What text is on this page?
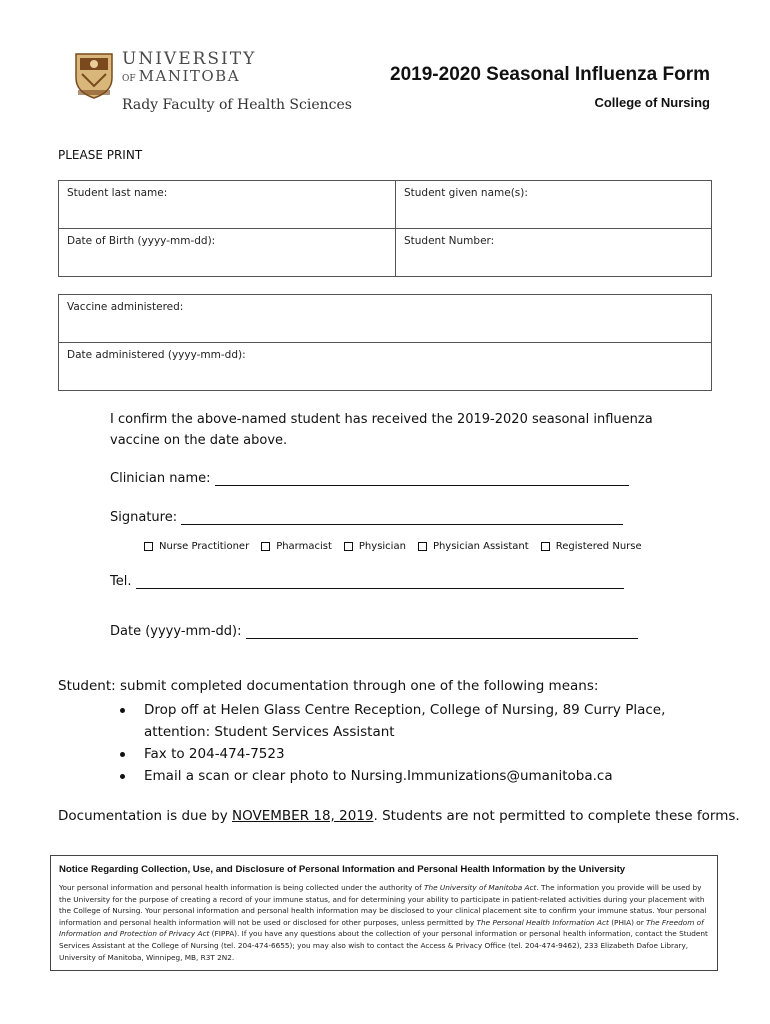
UNIVERSITY
OF MANITOBA
Rady Faculty of Health Sciences
2019-2020 Seasonal Influenza Form
College of Nursing
PLEASE PRINT
Student last name:	Student given name(s):
Date of Birth (yyyy-mm-dd):	Student Number:
Vaccine administered:
Date administered (yyyy-mm-dd):
I confirm the above-named student has received the 2019-2020 seasonal influenza
vaccine on the date above.
Clinician name:
Signature:
Nurse Practitioner	Pharmacist	Physician	Physician Assistant	Registered Nurse
Tel.
Date (yyyy-mm-dd):
Student: submit completed documentation through one of the following means:
Drop off at Helen Glass Centre Reception, College of Nursing, 89 Curry Place, attention: Student Services Assistant
Fax to 204-474-7523
Email a scan or clear photo to Nursing.Immunizations@umanitoba.ca
Documentation is due by NOVEMBER 18, 2019. Students are not permitted to complete these forms.
Notice Regarding Collection, Use, and Disclosure of Personal Information and Personal Health Information by the University
Your personal information and personal health information is being collected under the authority of The University of Manitoba Act. The information you provide will be used by the University for the purpose of creating a record of your immune status, and for determining your ability to participate in patient-related activities during your placement with the College of Nursing. Your personal information and personal health information may be disclosed to your clinical placement site to confirm your immune status. Your personal information and personal health information will not be used or disclosed for other purposes, unless permitted by The Personal Health Information Act (PHIA) or The Freedom of Information and Protection of Privacy Act (FIPPA). If you have any questions about the collection of your personal information or personal health information, contact the Student Services Assistant at the College of Nursing (tel. 204-474-6655); you may also wish to contact the Access & Privacy Office (tel. 204-474-9462), 233 Elizabeth Dafoe Library, University of Manitoba, Winnipeg, MB, R3T 2N2.
